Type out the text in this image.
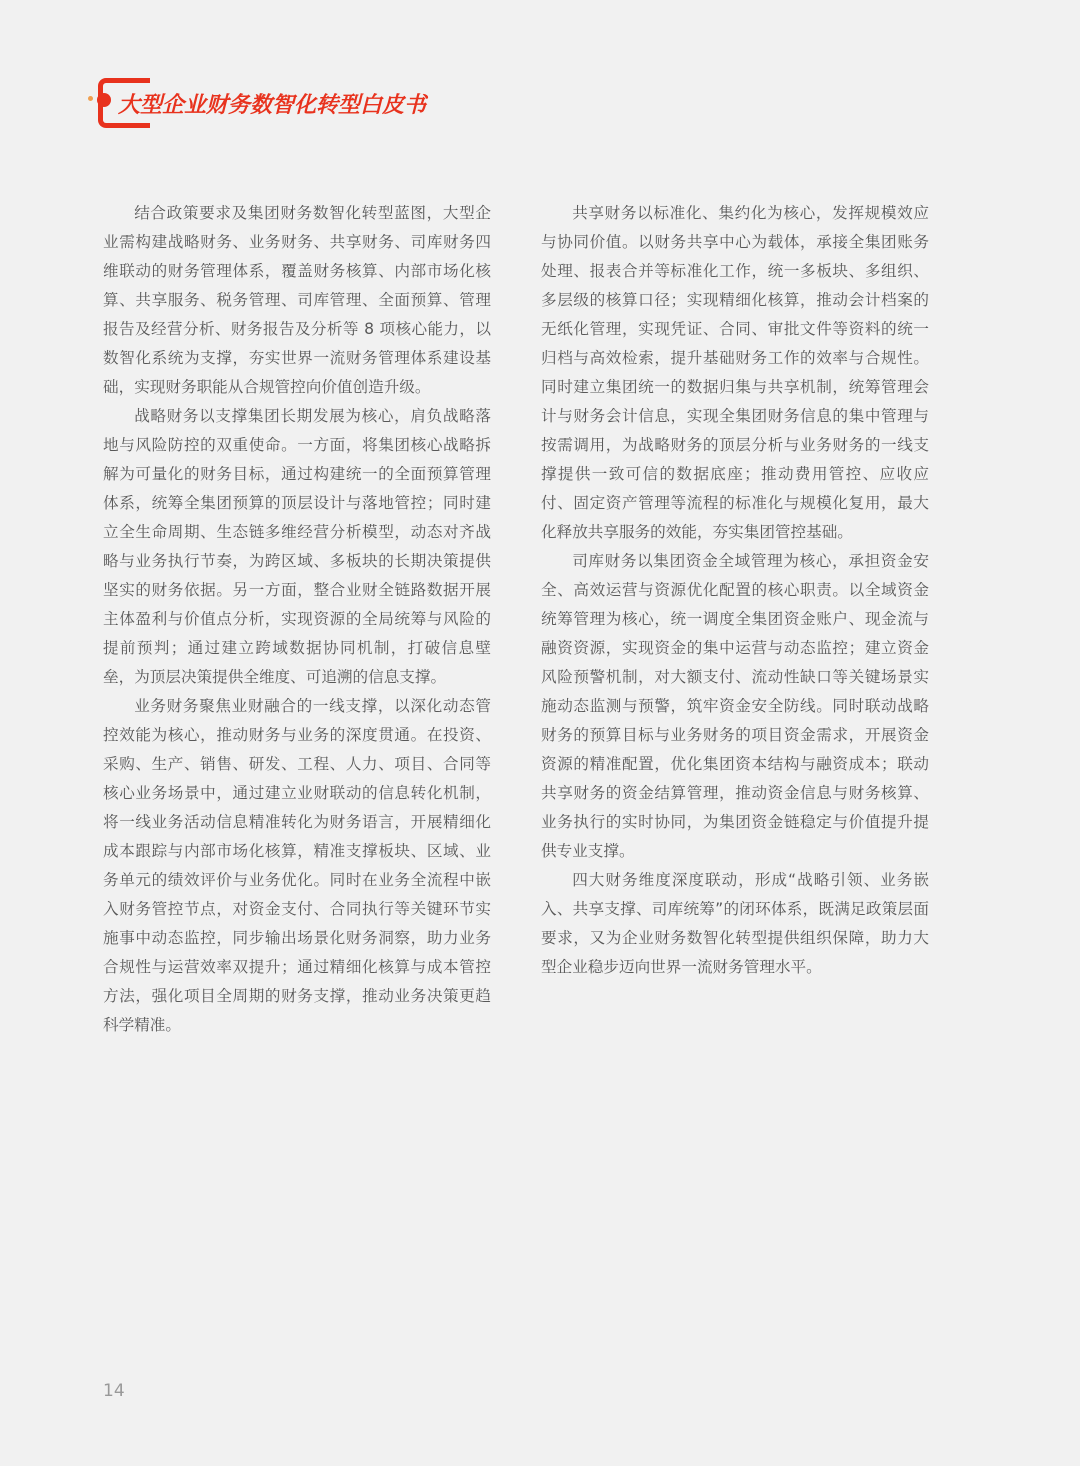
大型企业财务数智化转型白皮书

结合政策要求及集团财务数智化转型蓝图，大型企业需构建战略财务、业务财务、共享财务、司库财务四维联动的财务管理体系，覆盖财务核算、内部市场化核算、共享服务、税务管理、司库管理、全面预算、管理报告及经营分析、财务报告及分析等 8 项核心能力，以数智化系统为支撑，夯实世界一流财务管理体系建设基础，实现财务职能从合规管控向价值创造升级。

战略财务以支撑集团长期发展为核心，肩负战略落地与风险防控的双重使命。一方面，将集团核心战略拆解为可量化的财务目标，通过构建统一的全面预算管理体系，统筹全集团预算的顶层设计与落地管控；同时建立全生命周期、生态链多维经营分析模型，动态对齐战略与业务执行节奏，为跨区域、多板块的长期决策提供坚实的财务依据。另一方面，整合业财全链路数据开展主体盈利与价值点分析，实现资源的全局统筹与风险的提前预判；通过建立跨域数据协同机制，打破信息壁垒，为顶层决策提供全维度、可追溯的信息支撑。

业务财务聚焦业财融合的一线支撑，以深化动态管控效能为核心，推动财务与业务的深度贯通。在投资、采购、生产、销售、研发、工程、人力、项目、合同等核心业务场景中，通过建立业财联动的信息转化机制，将一线业务活动信息精准转化为财务语言，开展精细化成本跟踪与内部市场化核算，精准支撑板块、区域、业务单元的绩效评价与业务优化。同时在业务全流程中嵌入财务管控节点，对资金支付、合同执行等关键环节实施事中动态监控，同步输出场景化财务洞察，助力业务合规性与运营效率双提升；通过精细化核算与成本管控方法，强化项目全周期的财务支撑，推动业务决策更趋科学精准。

共享财务以标准化、集约化为核心，发挥规模效应与协同价值。以财务共享中心为载体，承接全集团账务处理、报表合并等标准化工作，统一多板块、多组织、多层级的核算口径；实现精细化核算，推动会计档案的无纸化管理，实现凭证、合同、审批文件等资料的统一归档与高效检索，提升基础财务工作的效率与合规性。同时建立集团统一的数据归集与共享机制，统筹管理会计与财务会计信息，实现全集团财务信息的集中管理与按需调用，为战略财务的顶层分析与业务财务的一线支撑提供一致可信的数据底座；推动费用管控、应收应付、固定资产管理等流程的标准化与规模化复用，最大化释放共享服务的效能，夯实集团管控基础。

司库财务以集团资金全域管理为核心，承担资金安全、高效运营与资源优化配置的核心职责。以全域资金统筹管理为核心，统一调度全集团资金账户、现金流与融资资源，实现资金的集中运营与动态监控；建立资金风险预警机制，对大额支付、流动性缺口等关键场景实施动态监测与预警，筑牢资金安全防线。同时联动战略财务的预算目标与业务财务的项目资金需求，开展资金资源的精准配置，优化集团资本结构与融资成本；联动共享财务的资金结算管理，推动资金信息与财务核算、业务执行的实时协同，为集团资金链稳定与价值提升提供专业支撑。

四大财务维度深度联动，形成“战略引领、业务嵌入、共享支撑、司库统筹”的闭环体系，既满足政策层面要求，又为企业财务数智化转型提供组织保障，助力大型企业稳步迈向世界一流财务管理水平。

14
